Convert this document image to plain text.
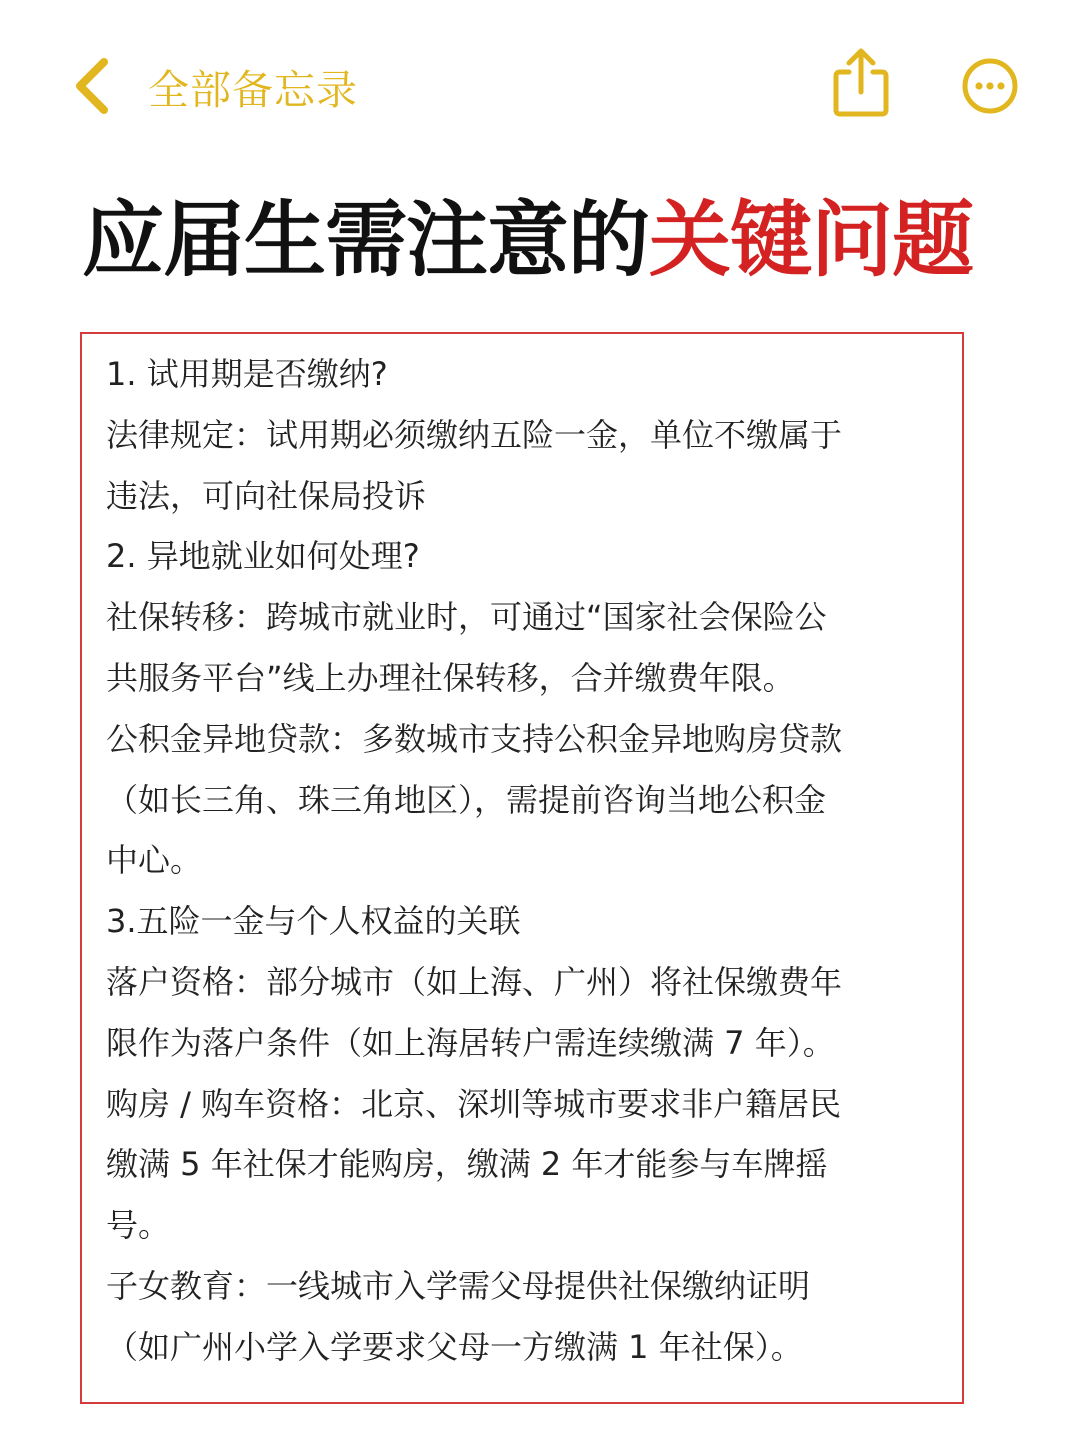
全部备忘录
应届生需注意的关键问题

1. 试用期是否缴纳?

法律规定：试用期必须缴纳五险一金，单位不缴属于

违法，可向社保局投诉

2. 异地就业如何处理?

社保转移：跨城市就业时，可通过“国家社会保险公

共服务平台”线上办理社保转移，合并缴费年限。

公积金异地贷款：多数城市支持公积金异地购房贷款

（如长三角、珠三角地区），需提前咨询当地公积金

中心。

3.五险一金与个人权益的关联

落户资格：部分城市（如上海、广州）将社保缴费年

限作为落户条件（如上海居转户需连续缴满 7 年）。

购房 / 购车资格：北京、深圳等城市要求非户籍居民

缴满 5 年社保才能购房，缴满 2 年才能参与车牌摇

号。

子女教育：一线城市入学需父母提供社保缴纳证明

（如广州小学入学要求父母一方缴满 1 年社保）。
